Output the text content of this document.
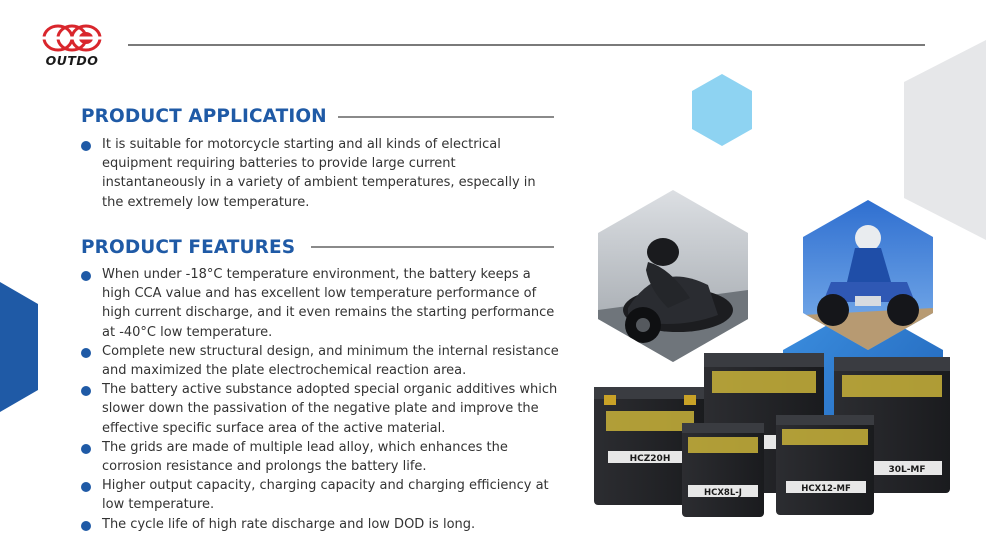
OUTDO
PRODUCT APPLICATION
It is suitable for motorcycle starting and all kinds of electrical equipment requiring batteries to provide large current instantaneously in a variety of ambient temperatures, especally in the extremely low temperature.
PRODUCT FEATURES
When under -18°C temperature environment, the battery keeps a high CCA value and has excellent low temperature performance of high current discharge, and it even remains the starting performance at -40°C low temperature.
Complete new structural design, and minimum the internal resistance and maximized the plate electrochemical reaction area.
The battery active substance adopted special organic additives which slower down the passivation of the negative plate and improve the effective specific surface area of the active material.
The grids are made of multiple lead alloy, which enhances the corrosion resistance and prolongs the battery life.
Higher output capacity, charging capacity and charging efficiency at low temperature.
The cycle life of high rate discharge and low DOD is long.
HCZ20H
30L-MF
HCX8L-J	HCX12-MF
